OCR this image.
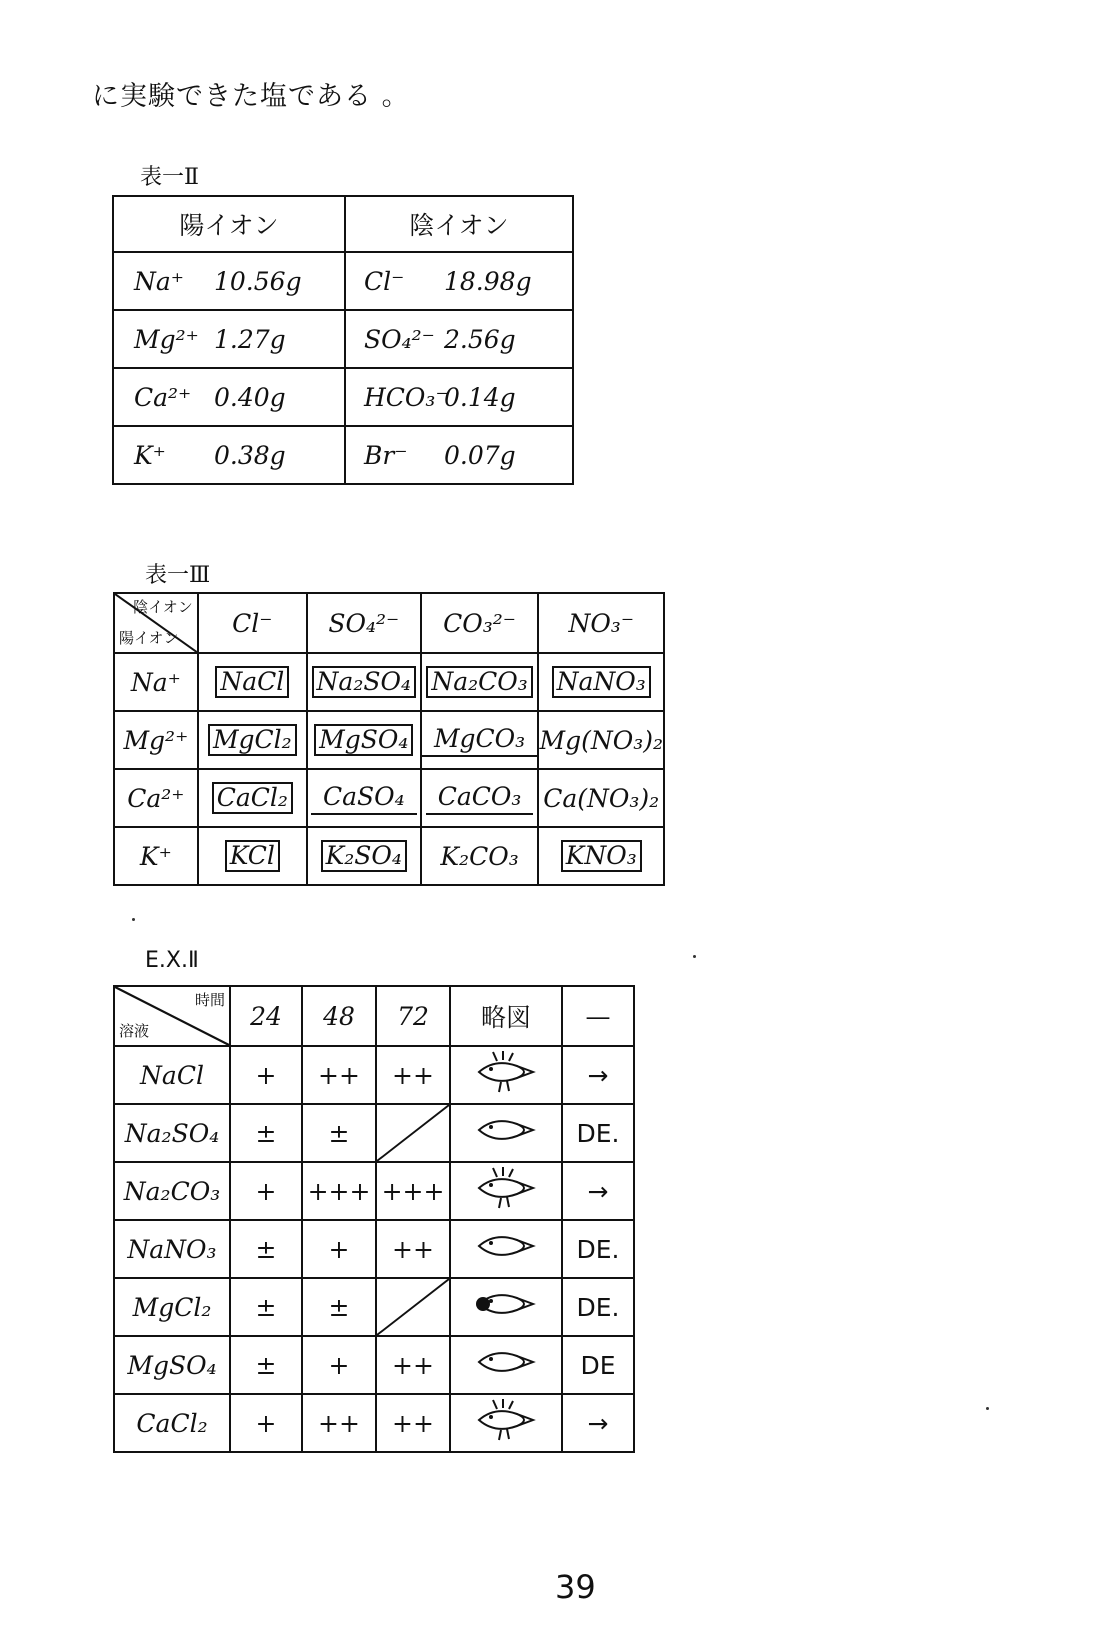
に実験できた塩である 。
表一Ⅱ
陽イオン	陰イオン
Na⁺ 10.56g	Cl⁻ 18.98g
Mg²⁺ 1.27g	SO₄²⁻ 2.56g
Ca²⁺ 0.40g	HCO₃⁻0.14g
K⁺ 0.38g	Br⁻ 0.07g
表一Ⅲ
陰イオン
陽イオン	Cl⁻	SO₄²⁻	CO₃²⁻	NO₃⁻
Na⁺	NaCl	Na₂SO₄	Na₂CO₃	NaNO₃
Mg²⁺	MgCl₂	MgSO₄	MgCO₃	Mg(NO₃)₂
Ca²⁺	CaCl₂	CaSO₄	CaCO₃	Ca(NO₃)₂
K⁺	KCl	K₂SO₄	K₂CO₃	KNO₃
E.X.Ⅱ
時間
溶液	24	48	72	略図	—
NaCl	+	++	++		→
Na₂SO₄	±	±			DE.
Na₂CO₃	+	+++	+++		→
NaNO₃	±	+	++		DE.
MgCl₂	±	±			DE.
MgSO₄	±	+	++		DE
CaCl₂	+	++	++		→
39
